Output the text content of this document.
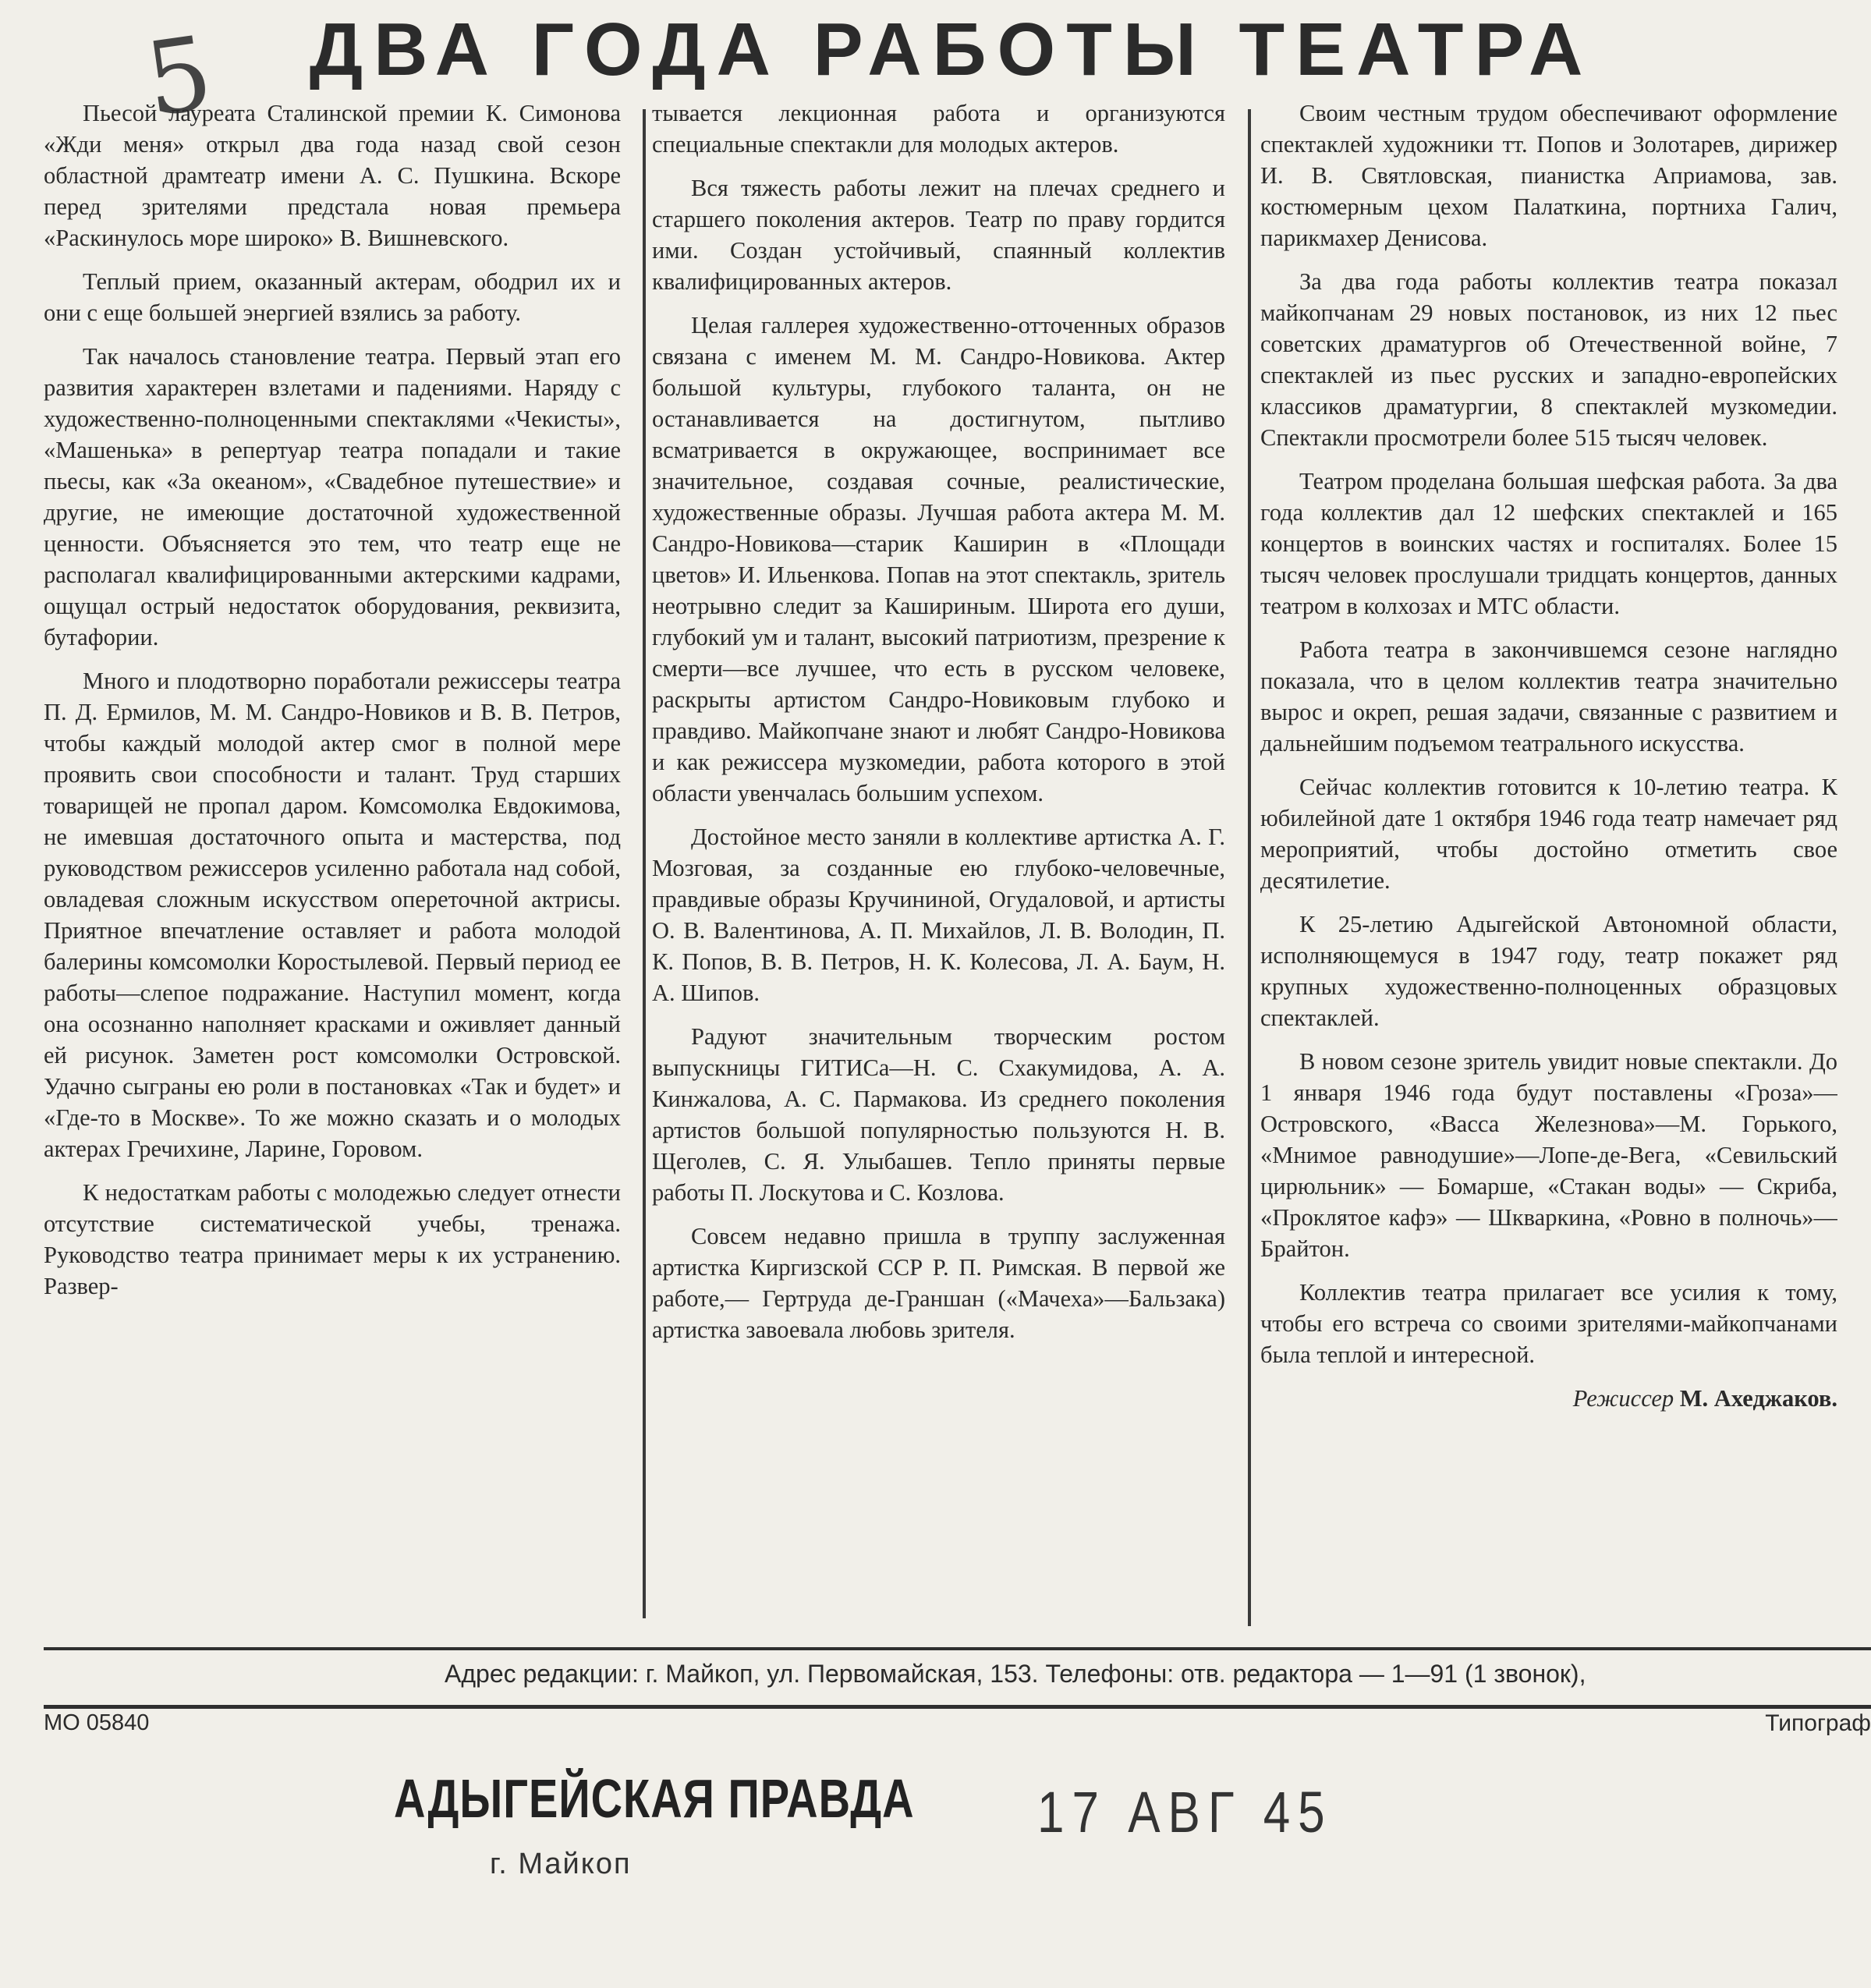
5 ДВА ГОДА РАБОТЫ ТЕАТРА

Пьесой лауреата Сталинской премии К. Симонова «Жди меня» открыл два года назад свой сезон областной драмтеатр имени А. С. Пушкина. Вскоре перед зрителями предстала новая премьера «Раскинулось море широко» В. Вишневского.

Теплый прием, оказанный актерам, ободрил их и они с еще большей энергией взялись за работу.

Так началось становление театра. Первый этап его развития характерен взлетами и падениями. Наряду с художественно-полноценными спектаклями «Чекисты», «Машенька» в репертуар театра попадали и такие пьесы, как «За океаном», «Свадебное путешествие» и другие, не имеющие достаточной художественной ценности. Объясняется это тем, что театр еще не располагал квалифицированными актерскими кадрами, ощущал острый недостаток оборудования, реквизита, бутафории.

Много и плодотворно поработали режиссеры театра П. Д. Ермилов, М. М. Сандро-Новиков и В. В. Петров, чтобы каждый молодой актер смог в полной мере проявить свои способности и талант. Труд старших товарищей не пропал даром. Комсомолка Евдокимова, не имевшая достаточного опыта и мастерства, под руководством режиссеров усиленно работала над собой, овладевая сложным искусством опереточной актрисы. Приятное впечатление оставляет и работа молодой балерины комсомолки Коростылевой. Первый период ее работы—слепое подражание. Наступил момент, когда она осознанно наполняет красками и оживляет данный ей рисунок. Заметен рост комсомолки Островской. Удачно сыграны ею роли в постановках «Так и будет» и «Где-то в Москве». То же можно сказать и о молодых актерах Гречихине, Ларине, Горовом.

К недостаткам работы с молодежью следует отнести отсутствие систематической учебы, тренажа. Руководство театра принимает меры к их устранению. Развер-

тывается лекционная работа и организуются специальные спектакли для молодых актеров.

Вся тяжесть работы лежит на плечах среднего и старшего поколения актеров. Театр по праву гордится ими. Создан устойчивый, спаянный коллектив квалифицированных актеров.

Целая галлерея художественно-отточенных образов связана с именем М. М. Сандро-Новикова. Актер большой культуры, глубокого таланта, он не останавливается на достигнутом, пытливо всматривается в окружающее, воспринимает все значительное, создавая сочные, реалистические, художественные образы. Лучшая работа актера М. М. Сандро-Новикова—старик Каширин в «Площади цветов» И. Ильенкова. Попав на этот спектакль, зритель неотрывно следит за Кашириным. Широта его души, глубокий ум и талант, высокий патриотизм, презрение к смерти—все лучшее, что есть в русском человеке, раскрыты артистом Сандро-Новиковым глубоко и правдиво. Майкопчане знают и любят Сандро-Новикова и как режиссера музкомедии, работа которого в этой области увенчалась большим успехом.

Достойное место заняли в коллективе артистка А. Г. Мозговая, за созданные ею глубоко-человечные, правдивые образы Кручининой, Огудаловой, и артисты О. В. Валентинова, А. П. Михайлов, Л. В. Володин, П. К. Попов, В. В. Петров, Н. К. Колесова, Л. А. Баум, Н. А. Шипов.

Радуют значительным творческим ростом выпускницы ГИТИСа—Н. С. Схакумидова, А. А. Кинжалова, А. С. Пармакова. Из среднего поколения артистов большой популярностью пользуются Н. В. Щеголев, С. Я. Улыбашев. Тепло приняты первые работы П. Лоскутова и С. Козлова.

Совсем недавно пришла в труппу заслуженная артистка Киргизской ССР Р. П. Римская. В первой же работе,— Гертруда де-Граншан («Мачеха»—Бальзака) артистка завоевала любовь зрителя.

Своим честным трудом обеспечивают оформление спектаклей художники тт. Попов и Золотарев, дирижер И. В. Святловская, пианистка Априамова, зав. костюмерным цехом Палаткина, портниха Галич, парикмахер Денисова.

За два года работы коллектив театра показал майкопчанам 29 новых постановок, из них 12 пьес советских драматургов об Отечественной войне, 7 спектаклей из пьес русских и западно-европейских классиков драматургии, 8 спектаклей музкомедии. Спектакли просмотрели более 515 тысяч человек.

Театром проделана большая шефская работа. За два года коллектив дал 12 шефских спектаклей и 165 концертов в воинских частях и госпиталях. Более 15 тысяч человек прослушали тридцать концертов, данных театром в колхозах и МТС области.

Работа театра в закончившемся сезоне наглядно показала, что в целом коллектив театра значительно вырос и окреп, решая задачи, связанные с развитием и дальнейшим подъемом театрального искусства.

Сейчас коллектив готовится к 10-летию театра. К юбилейной дате 1 октября 1946 года театр намечает ряд мероприятий, чтобы достойно отметить свое десятилетие.

К 25-летию Адыгейской Автономной области, исполняющемуся в 1947 году, театр покажет ряд крупных художественно-полноценных образцовых спектаклей.

В новом сезоне зритель увидит новые спектакли. До 1 января 1946 года будут поставлены «Гроза»—Островского, «Васса Железнова»—М. Горького, «Мнимое равнодушие»—Лопе-де-Вега, «Севильский цирюльник» — Бомарше, «Стакан воды» — Скриба, «Проклятое кафэ» — Шкваркина, «Ровно в полночь»—Брайтон.

Коллектив театра прилагает все усилия к тому, чтобы его встреча со своими зрителями-майкопчанами была теплой и интересной.

Режиссер М. Ахеджаков.

Адрес редакции: г. Майкоп, ул. Первомайская, 153. Телефоны: отв. редактора — 1—91 (1 звонок),
МО 05840	Типограф
АДЫГЕЙСКАЯ ПРАВДА
г. Майкоп
17 АВГ 45
